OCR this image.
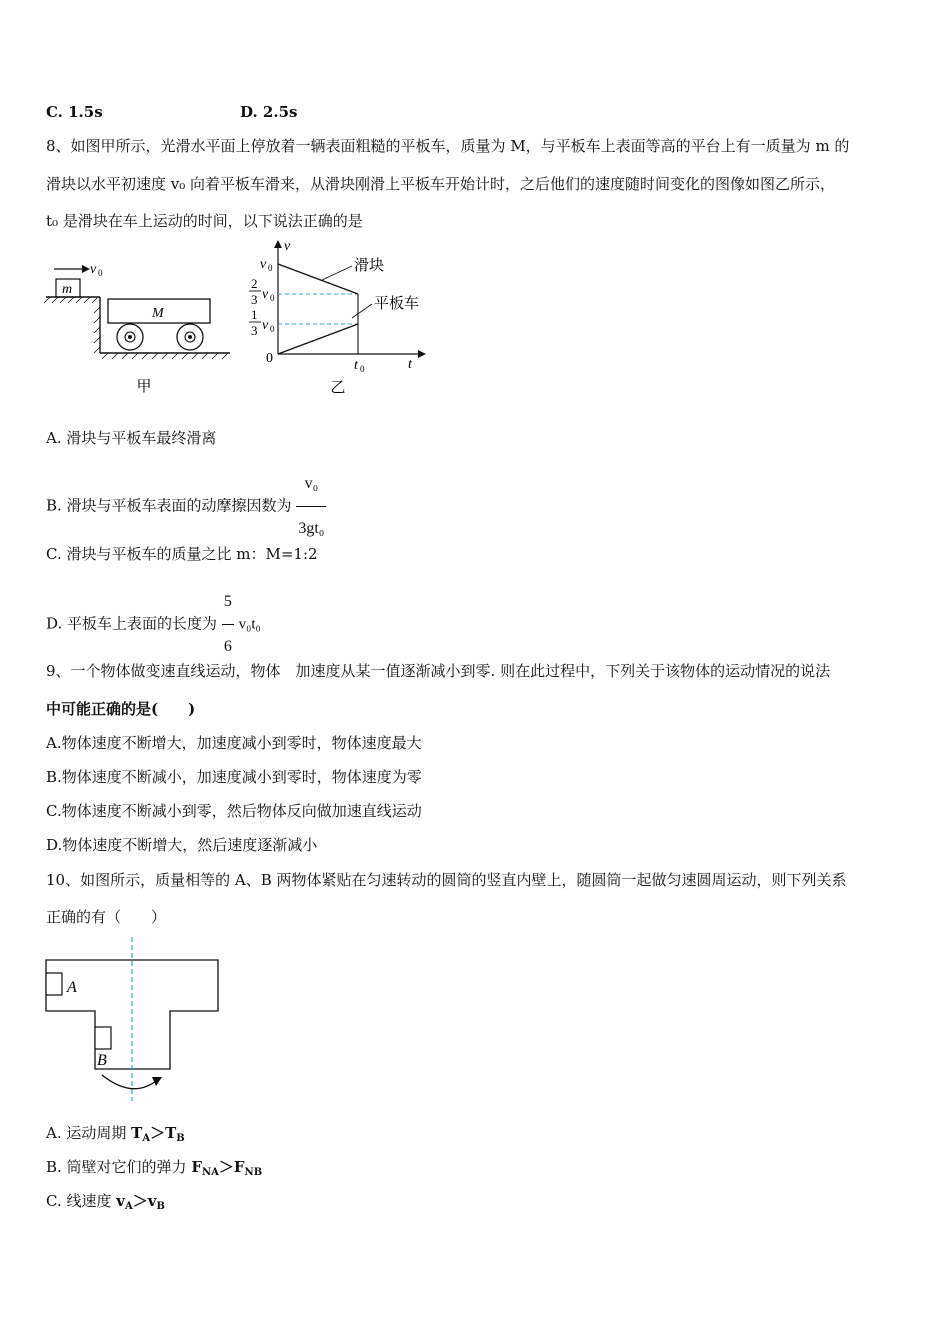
C. 1.5s	D. 2.5s
8、如图甲所示，光滑水平面上停放着一辆表面粗糙的平板车，质量为 M，与平板车上表面等高的平台上有一质量为 m 的
滑块以水平初速度 v₀ 向着平板车滑来，从滑块刚滑上平板车开始计时，之后他们的速度随时间变化的图像如图乙所示，
t₀ 是滑块在车上运动的时间，以下说法正确的是
v 0
m
M
甲
v
t
0
v 0
2
3 v 0
1
3 v 0
t 0
滑块
平板车
乙
A. 滑块与平板车最终滑离
B. 滑块与平板车表面的动摩擦因数为 $\frac{\text{v₀}}{\text{3gt₀}}$
C. 滑块与平板车的质量之比 m：M=1:2
D. 平板车上表面的长度为 $\frac{5}{6} v_0t_0$
9、一个物体做变速直线运动，物体　加速度从某一值逐渐减小到零. 则在此过程中，下列关于该物体的运动情况的说法
中可能正确的是(　　)
A.物体速度不断增大，加速度减小到零时，物体速度最大
B.物体速度不断减小，加速度减小到零时，物体速度为零
C.物体速度不断减小到零，然后物体反向做加速直线运动
D.物体速度不断增大，然后速度逐渐减小
10、如图所示，质量相等的 A、B 两物体紧贴在匀速转动的圆筒的竖直内壁上，随圆筒一起做匀速圆周运动，则下列关系
正确的有（　　）
A
B
A. 运动周期 $T_A>T_B$
B. 筒壁对它们的弹力 $F_{NA}>F_{NB}$
C. 线速度 $v_A>v_B$
